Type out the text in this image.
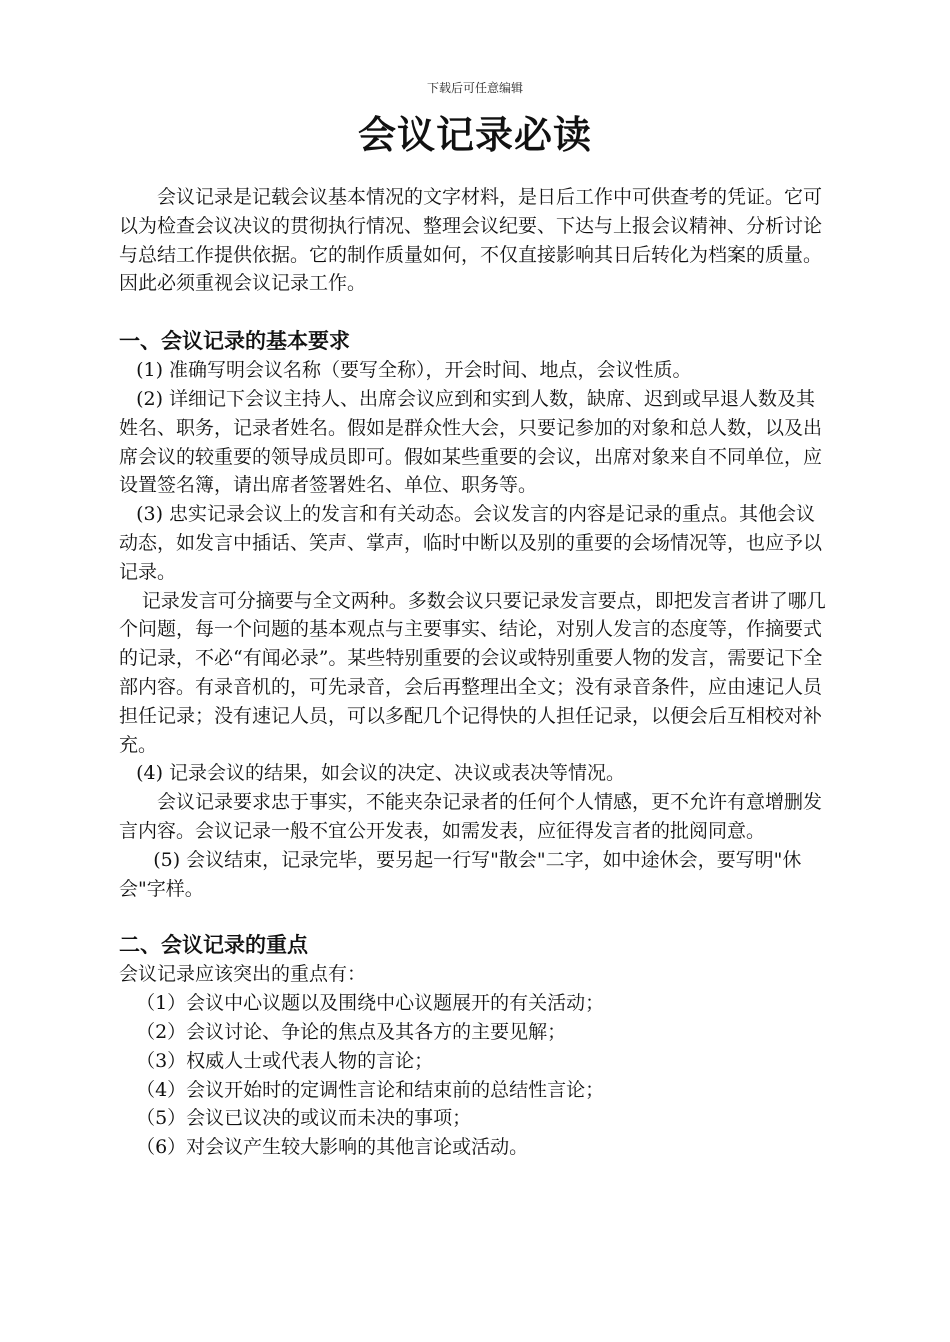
下载后可任意编辑
会议记录必读

会议记录是记载会议基本情况的文字材料，是日后工作中可供查考的凭证。它可以为检查会议决议的贯彻执行情况、整理会议纪要、下达与上报会议精神、分析讨论与总结工作提供依据。它的制作质量如何，不仅直接影响其日后转化为档案的质量。因此必须重视会议记录工作。

一、会议记录的基本要求

(1) 准确写明会议名称（要写全称），开会时间、地点，会议性质。

(2) 详细记下会议主持人、出席会议应到和实到人数，缺席、迟到或早退人数及其姓名、职务，记录者姓名。假如是群众性大会，只要记参加的对象和总人数，以及出席会议的较重要的领导成员即可。假如某些重要的会议，出席对象来自不同单位，应设置签名簿，请出席者签署姓名、单位、职务等。

(3) 忠实记录会议上的发言和有关动态。会议发言的内容是记录的重点。其他会议动态，如发言中插话、笑声、掌声，临时中断以及别的重要的会场情况等，也应予以记录。

记录发言可分摘要与全文两种。多数会议只要记录发言要点，即把发言者讲了哪几个问题，每一个问题的基本观点与主要事实、结论，对别人发言的态度等，作摘要式的记录，不必“有闻必录”。某些特别重要的会议或特别重要人物的发言，需要记下全部内容。有录音机的，可先录音，会后再整理出全文；没有录音条件，应由速记人员担任记录；没有速记人员，可以多配几个记得快的人担任记录，以便会后互相校对补充。

(4) 记录会议的结果，如会议的决定、决议或表决等情况。

会议记录要求忠于事实，不能夹杂记录者的任何个人情感，更不允许有意增删发言内容。会议记录一般不宜公开发表，如需发表，应征得发言者的批阅同意。

(5) 会议结束，记录完毕，要另起一行写"散会"二字，如中途休会，要写明"休会"字样。

二、会议记录的重点

会议记录应该突出的重点有：

（1）会议中心议题以及围绕中心议题展开的有关活动；

（2）会议讨论、争论的焦点及其各方的主要见解；

（3）权威人士或代表人物的言论；

（4）会议开始时的定调性言论和结束前的总结性言论；

（5）会议已议决的或议而未决的事项；

（6）对会议产生较大影响的其他言论或活动。
